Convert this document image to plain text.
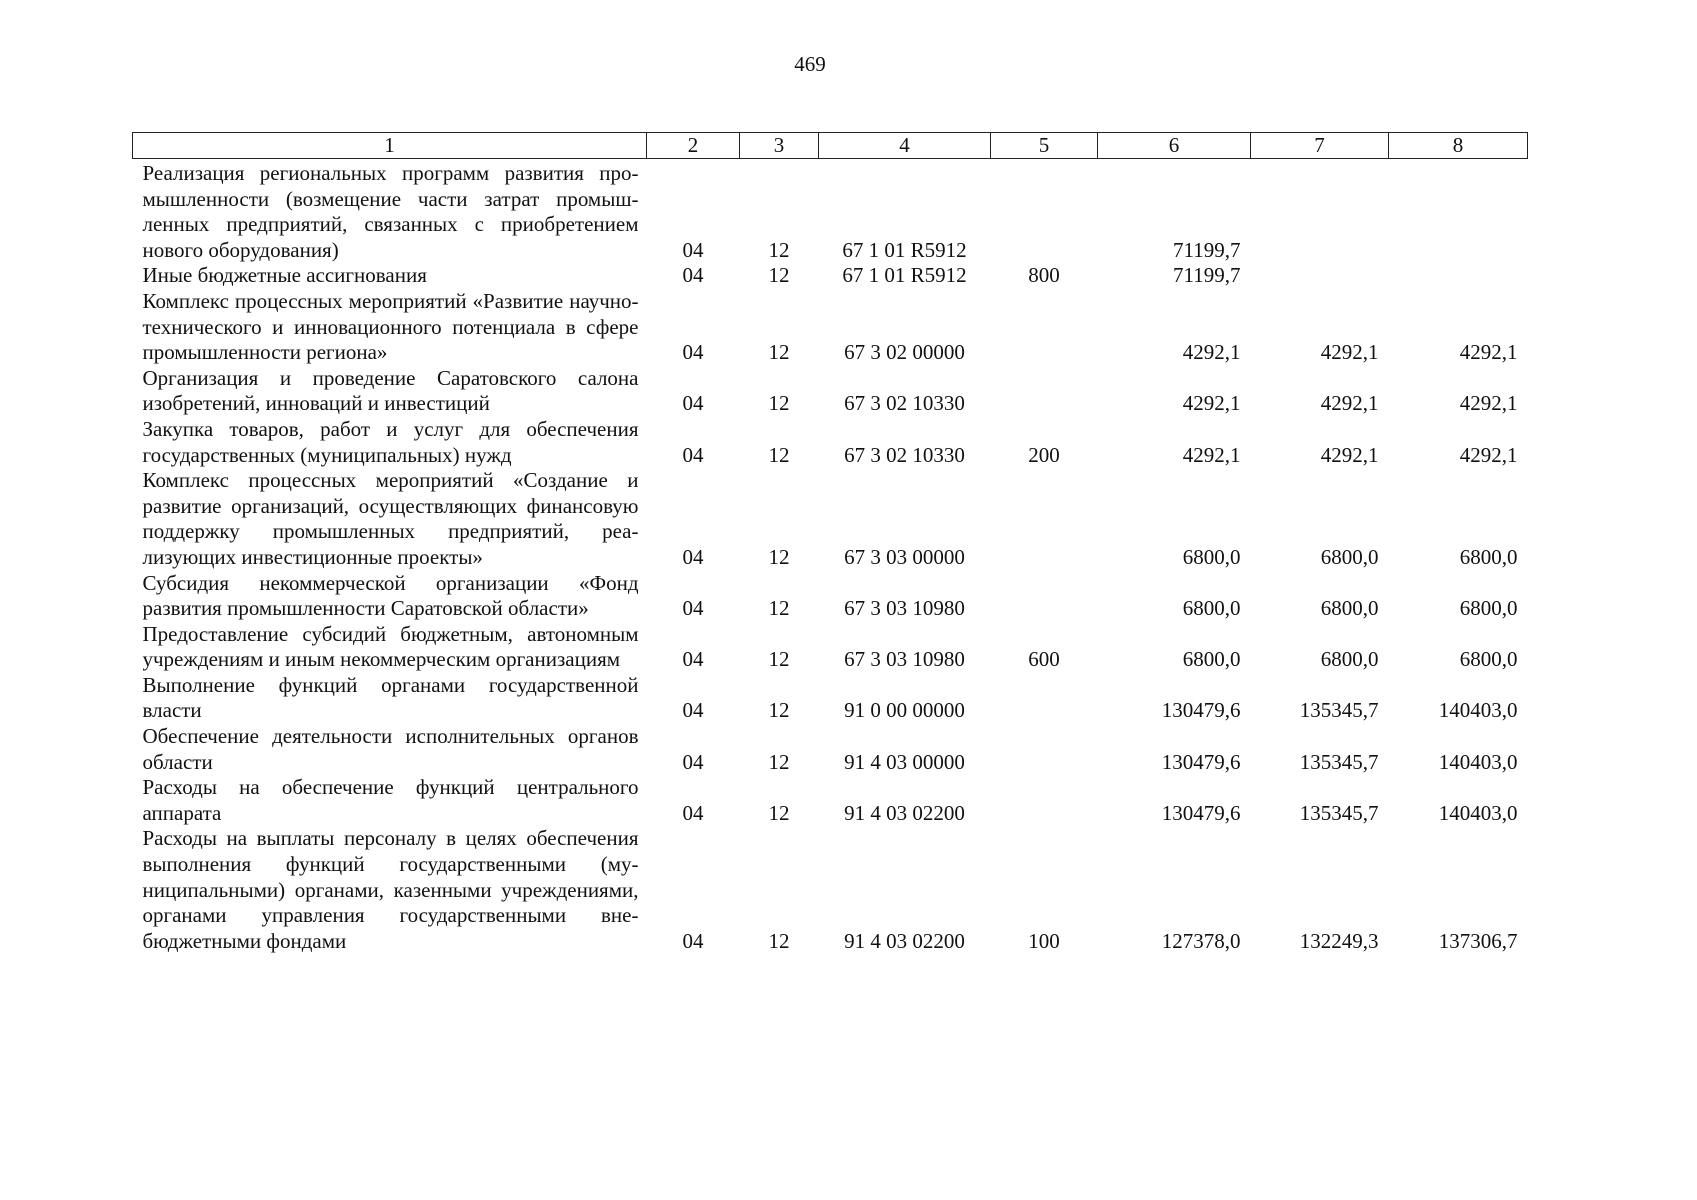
469
1	2	3	4	5	6	7	8
Реализация региональных программ развития промышленности (возмещение части затрат промышленных предприятий, связанных с приобретением нового оборудования)	04	12	67 1 01 R5912		71199,7		
Иные бюджетные ассигнования	04	12	67 1 01 R5912	800	71199,7		
Комплекс процессных мероприятий «Развитие научно-технического и инновационного потенциала в сфере промышленности региона»	04	12	67 3 02 00000		4292,1	4292,1	4292,1
Организация и проведение Саратовского салона изобретений, инноваций и инвестиций	04	12	67 3 02 10330		4292,1	4292,1	4292,1
Закупка товаров, работ и услуг для обеспечения государственных (муниципальных) нужд	04	12	67 3 02 10330	200	4292,1	4292,1	4292,1
Комплекс процессных мероприятий «Создание и развитие организаций, осуществляющих финансовую поддержку промышленных предприятий, реализующих инвестиционные проекты»	04	12	67 3 03 00000		6800,0	6800,0	6800,0
Субсидия некоммерческой организации «Фонд развития промышленности Саратовской области»	04	12	67 3 03 10980		6800,0	6800,0	6800,0
Предоставление субсидий бюджетным, автономным учреждениям и иным некоммерческим организациям	04	12	67 3 03 10980	600	6800,0	6800,0	6800,0
Выполнение функций органами государственной власти	04	12	91 0 00 00000		130479,6	135345,7	140403,0
Обеспечение деятельности исполнительных органов области	04	12	91 4 03 00000		130479,6	135345,7	140403,0
Расходы на обеспечение функций центрального аппарата	04	12	91 4 03 02200		130479,6	135345,7	140403,0
Расходы на выплаты персоналу в целях обеспечения выполнения функций государственными (муниципальными) органами, казенными учреждениями, органами управления государственными внебюджетными фондами	04	12	91 4 03 02200	100	127378,0	132249,3	137306,7
